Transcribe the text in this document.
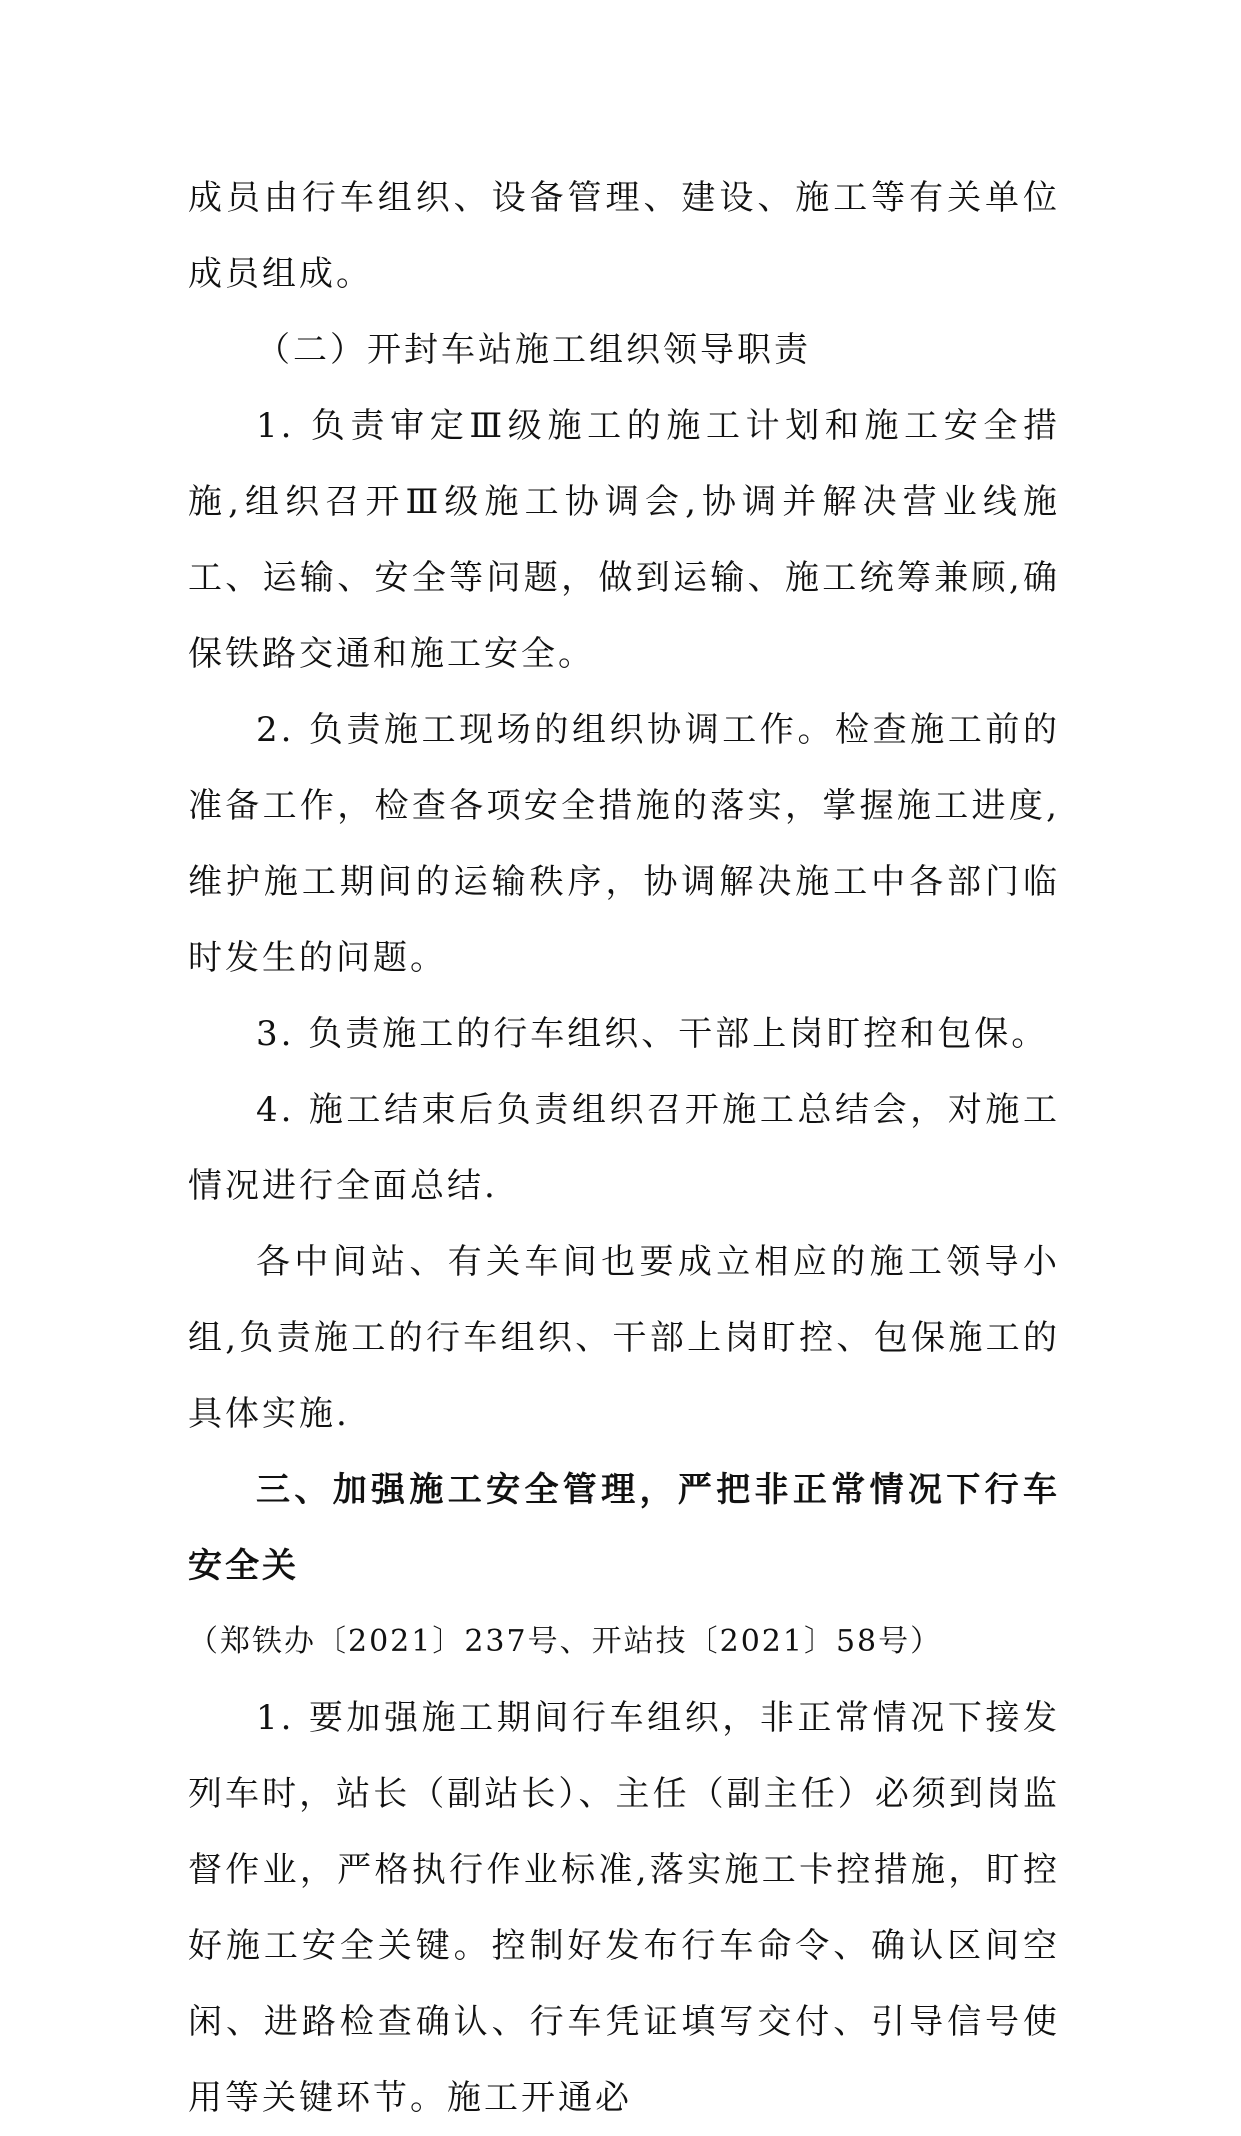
成员由行车组织、设备管理、建设、施工等有关单位成员组成。

（二）开封车站施工组织领导职责

1. 负责审定Ⅲ级施工的施工计划和施工安全措施,组织召开Ⅲ级施工协调会,协调并解决营业线施工、运输、安全等问题，做到运输、施工统筹兼顾,确保铁路交通和施工安全。

2. 负责施工现场的组织协调工作。检查施工前的准备工作，检查各项安全措施的落实，掌握施工进度,维护施工期间的运输秩序，协调解决施工中各部门临时发生的问题。

3. 负责施工的行车组织、干部上岗盯控和包保。

4. 施工结束后负责组织召开施工总结会，对施工情况进行全面总结.

各中间站、有关车间也要成立相应的施工领导小组,负责施工的行车组织、干部上岗盯控、包保施工的具体实施.

三、加强施工安全管理，严把非正常情况下行车安全关

（郑铁办〔2021〕237号、开站技〔2021〕58号）

1. 要加强施工期间行车组织，非正常情况下接发列车时，站长（副站长）、主任（副主任）必须到岗监督作业，严格执行作业标准,落实施工卡控措施，盯控好施工安全关键。控制好发布行车命令、确认区间空闲、进路检查确认、行车凭证填写交付、引导信号使用等关键环节。施工开通必
